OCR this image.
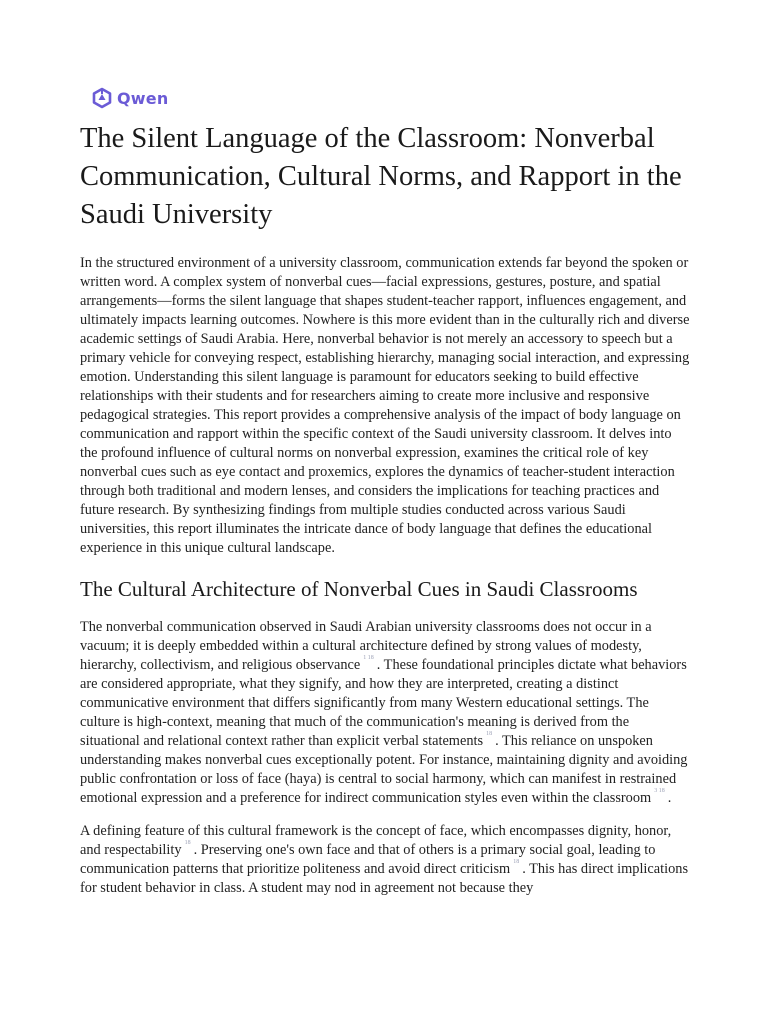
Qwen
The Silent Language of the Classroom: Nonverbal Communication, Cultural Norms, and Rapport in the Saudi University

In the structured environment of a university classroom, communication extends far beyond the spoken or written word. A complex system of nonverbal cues—facial expressions, gestures, posture, and spatial arrangements—forms the silent language that shapes student-teacher rapport, influences engagement, and ultimately impacts learning outcomes. Nowhere is this more evident than in the culturally rich and diverse academic settings of Saudi Arabia. Here, nonverbal behavior is not merely an accessory to speech but a primary vehicle for conveying respect, establishing hierarchy, managing social interaction, and expressing emotion. Understanding this silent language is paramount for educators seeking to build effective relationships with their students and for researchers aiming to create more inclusive and responsive pedagogical strategies. This report provides a comprehensive analysis of the impact of body language on communication and rapport within the specific context of the Saudi university classroom. It delves into the profound influence of cultural norms on nonverbal expression, examines the critical role of key nonverbal cues such as eye contact and proxemics, explores the dynamics of teacher-student interaction through both traditional and modern lenses, and considers the implications for teaching practices and future research. By synthesizing findings from multiple studies conducted across various Saudi universities, this report illuminates the intricate dance of body language that defines the educational experience in this unique cultural landscape.

The Cultural Architecture of Nonverbal Cues in Saudi Classrooms

The nonverbal communication observed in Saudi Arabian university classrooms does not occur in a vacuum; it is deeply embedded within a cultural architecture defined by strong values of modesty, hierarchy, collectivism, and religious observance $^{1 18}$ . These foundational principles dictate what behaviors are considered appropriate, what they signify, and how they are interpreted, creating a distinct communicative environment that differs significantly from many Western educational settings. The culture is high-context, meaning that much of the communication's meaning is derived from the situational and relational context rather than explicit verbal statements $^{18}$ . This reliance on unspoken understanding makes nonverbal cues exceptionally potent. For instance, maintaining dignity and avoiding public confrontation or loss of face (haya) is central to social harmony, which can manifest in restrained emotional expression and a preference for indirect communication styles even within the classroom $^{3 18}$ .

A defining feature of this cultural framework is the concept of face, which encompasses dignity, honor, and respectability $^{18}$ . Preserving one's own face and that of others is a primary social goal, leading to communication patterns that prioritize politeness and avoid direct criticism $^{18}$ . This has direct implications for student behavior in class. A student may nod in agreement not because they
